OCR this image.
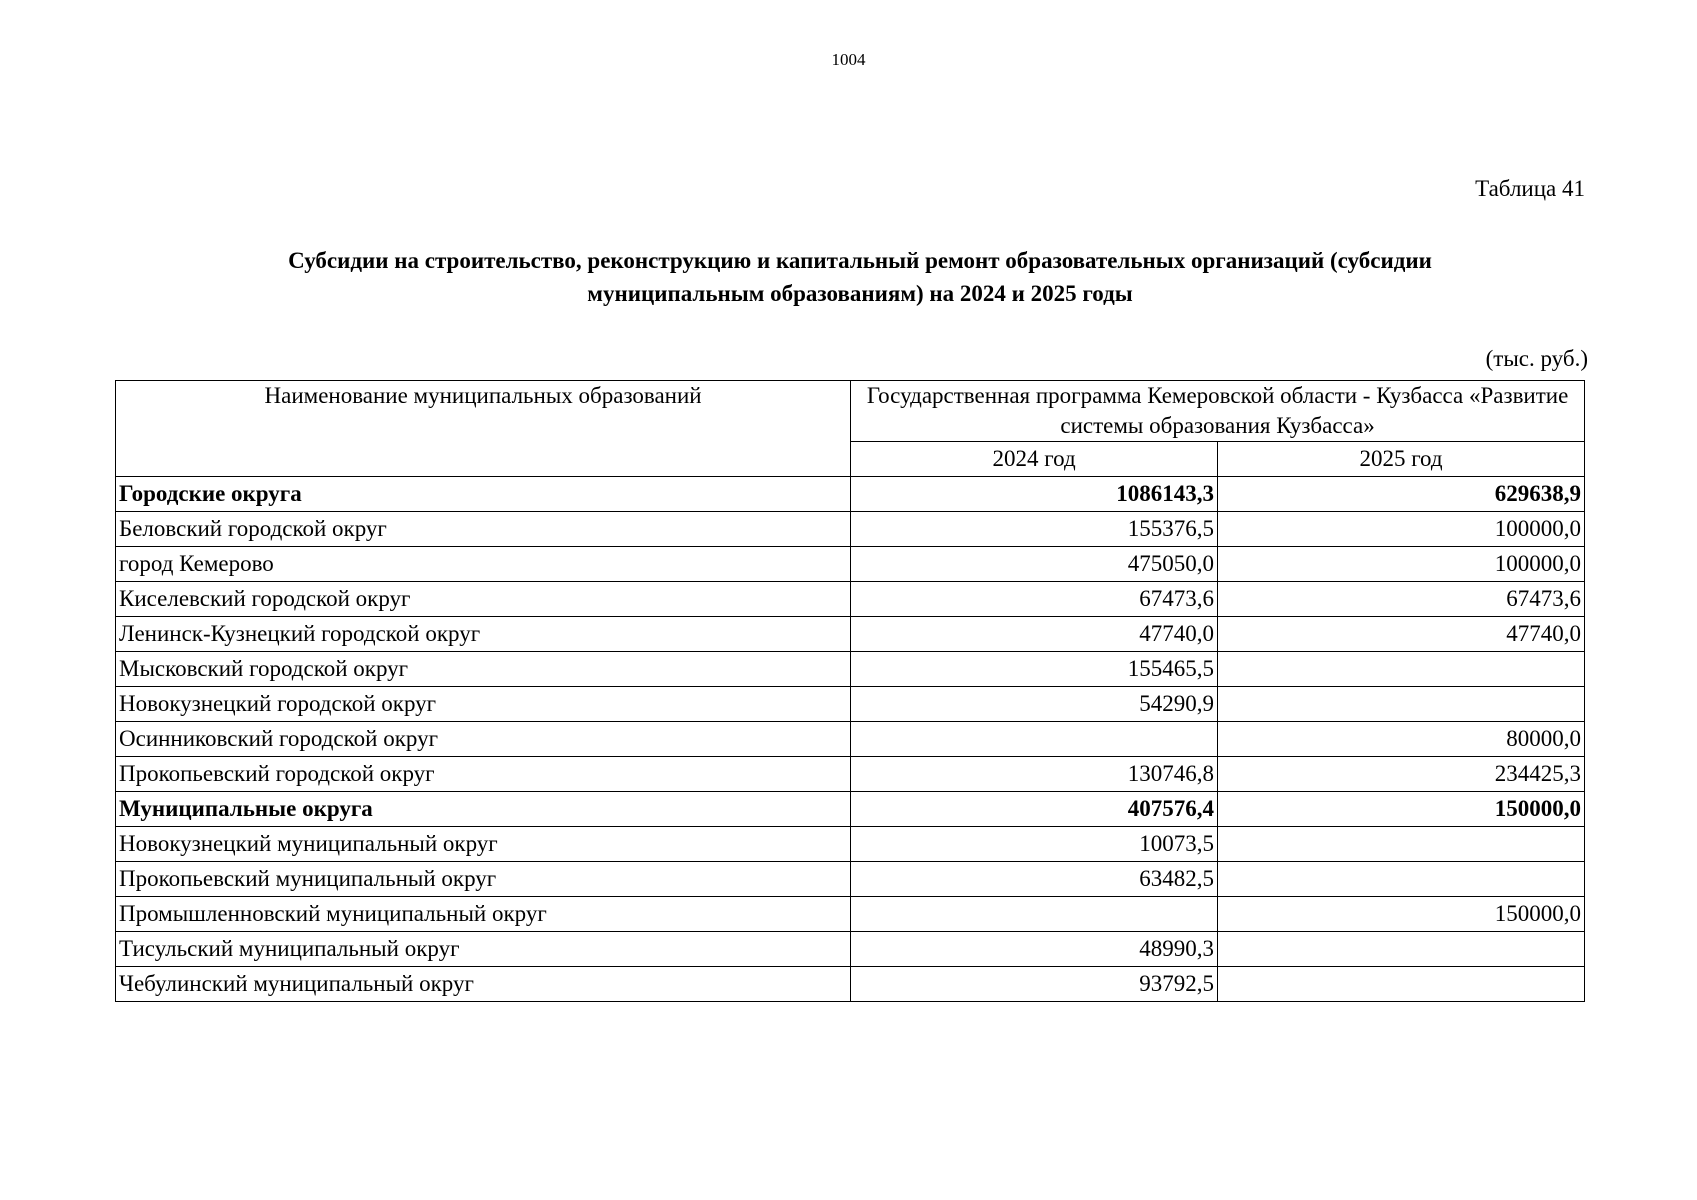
1004
Таблица 41
Субсидии на строительство, реконструкцию и капитальный ремонт образовательных организаций (субсидии
муниципальным образованиям) на 2024 и 2025 годы
(тыс. руб.)
Наименование муниципальных образований	Государственная программа Кемеровской области - Кузбасса «Развитие системы образования Кузбасса»	
	2024 год	2025 год
Городские округа	1086143,3	629638,9
Беловский городской округ	155376,5	100000,0
город Кемерово	475050,0	100000,0
Киселевский городской округ	67473,6	67473,6
Ленинск-Кузнецкий городской округ	47740,0	47740,0
Мысковский городской округ	155465,5	
Новокузнецкий городской округ	54290,9	
Осинниковский городской округ		80000,0
Прокопьевский городской округ	130746,8	234425,3
Муниципальные округа	407576,4	150000,0
Новокузнецкий муниципальный округ	10073,5	
Прокопьевский муниципальный округ	63482,5	
Промышленновский муниципальный округ		150000,0
Тисульский муниципальный округ	48990,3	
Чебулинский муниципальный округ	93792,5	
